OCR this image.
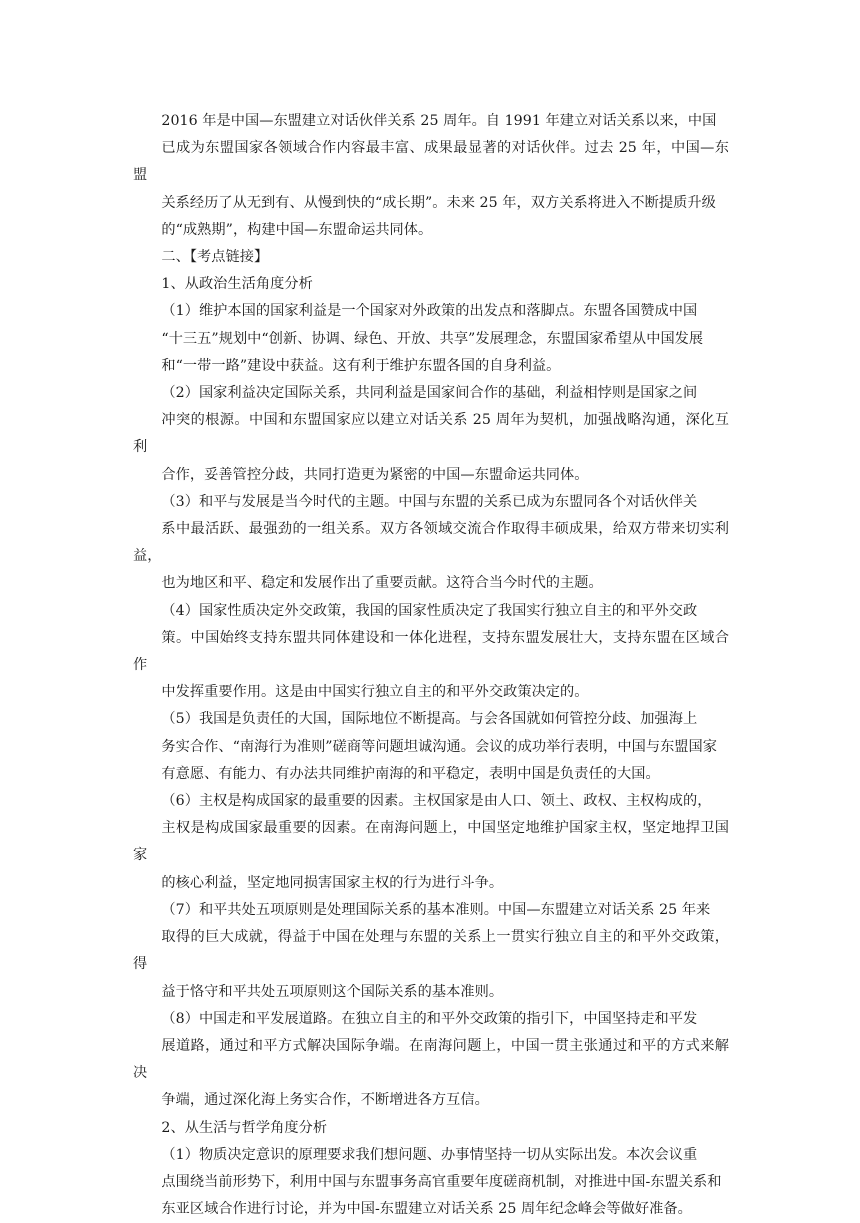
2016 年是中国—东盟建立对话伙伴关系 25 周年。自 1991 年建立对话关系以来，中国
已成为东盟国家各领域合作内容最丰富、成果最显著的对话伙伴。过去 25 年，中国—东盟
关系经历了从无到有、从慢到快的“成长期”。未来 25 年，双方关系将进入不断提质升级
的“成熟期”，构建中国—东盟命运共同体。

二、【考点链接】

1、从政治生活角度分析

（1）维护本国的国家利益是一个国家对外政策的出发点和落脚点。东盟各国赞成中国
“十三五”规划中“创新、协调、绿色、开放、共享”发展理念，东盟国家希望从中国发展
和“一带一路”建设中获益。这有利于维护东盟各国的自身利益。

（2）国家利益决定国际关系，共同利益是国家间合作的基础，利益相悖则是国家之间
冲突的根源。中国和东盟国家应以建立对话关系 25 周年为契机，加强战略沟通，深化互利
合作，妥善管控分歧，共同打造更为紧密的中国—东盟命运共同体。

（3）和平与发展是当今时代的主题。中国与东盟的关系已成为东盟同各个对话伙伴关
系中最活跃、最强劲的一组关系。双方各领域交流合作取得丰硕成果，给双方带来切实利益，
也为地区和平、稳定和发展作出了重要贡献。这符合当今时代的主题。

（4）国家性质决定外交政策，我国的国家性质决定了我国实行独立自主的和平外交政
策。中国始终支持东盟共同体建设和一体化进程，支持东盟发展壮大，支持东盟在区域合作
中发挥重要作用。这是由中国实行独立自主的和平外交政策决定的。

（5）我国是负责任的大国，国际地位不断提高。与会各国就如何管控分歧、加强海上
务实合作、“南海行为准则”磋商等问题坦诚沟通。会议的成功举行表明，中国与东盟国家
有意愿、有能力、有办法共同维护南海的和平稳定，表明中国是负责任的大国。

（6）主权是构成国家的最重要的因素。主权国家是由人口、领土、政权、主权构成的，
主权是构成国家最重要的因素。在南海问题上，中国坚定地维护国家主权，坚定地捍卫国家
的核心利益，坚定地同损害国家主权的行为进行斗争。

（7）和平共处五项原则是处理国际关系的基本准则。中国—东盟建立对话关系 25 年来
取得的巨大成就，得益于中国在处理与东盟的关系上一贯实行独立自主的和平外交政策，得
益于恪守和平共处五项原则这个国际关系的基本准则。

（8）中国走和平发展道路。在独立自主的和平外交政策的指引下，中国坚持走和平发
展道路，通过和平方式解决国际争端。在南海问题上，中国一贯主张通过和平的方式来解决
争端，通过深化海上务实合作，不断增进各方互信。

2、从生活与哲学角度分析

（1）物质决定意识的原理要求我们想问题、办事情坚持一切从实际出发。本次会议重
点围绕当前形势下，利用中国与东盟事务高官重要年度磋商机制，对推进中国-东盟关系和
东亚区域合作进行讨论，并为中国-东盟建立对话关系 25 周年纪念峰会等做好准备。
